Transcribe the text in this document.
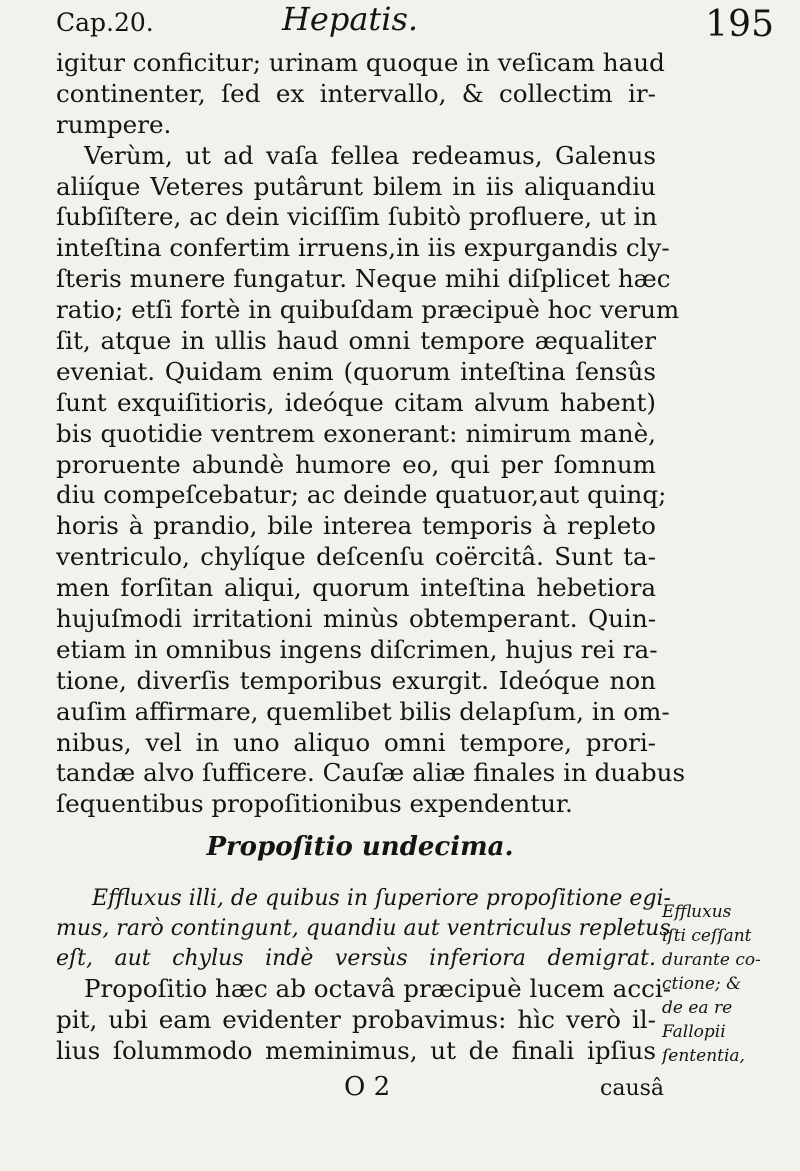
Cap.20.	Hepatis.	195
igitur conficitur; urinam quoque in veſicam haud
continenter, ſed ex intervallo, & collectim ir-
rumpere.
Verùm, ut ad vaſa fellea redeamus, Galenus
aliíque Veteres putârunt bilem in iis aliquandiu
ſubſiſtere, ac dein viciſſim ſubitò profluere, ut in
inteſtina confertim irruens,in iis expurgandis cly-
ſteris munere fungatur. Neque mihi diſplicet hæc
ratio; etſi fortè in quibuſdam præcipuè hoc verum
ſit, atque in ullis haud omni tempore æqualiter
eveniat. Quidam enim (quorum inteſtina ſensûs
ſunt exquiſitioris, ideóque citam alvum habent)
bis quotidie ventrem exonerant: nimirum manè,
proruente abundè humore eo, qui per ſomnum
diu compeſcebatur; ac deinde quatuor,aut quinq;
horis à prandio, bile interea temporis à repleto
ventriculo, chylíque deſcenſu coërcitâ. Sunt ta-
men forſitan aliqui, quorum inteſtina hebetiora
hujuſmodi irritationi minùs obtemperant. Quin-
etiam in omnibus ingens diſcrimen, hujus rei ra-
tione, diverſis temporibus exurgit. Ideóque non
auſim affirmare, quemlibet bilis delapſum, in om-
nibus, vel in uno aliquo omni tempore, prori-
tandæ alvo ſufficere. Cauſæ aliæ finales in duabus
ſequentibus propoſitionibus expendentur.
Propoſitio undecima.
Effluxus illi, de quibus in ſuperiore propoſitione egi-
mus, rarò contingunt, quandiu aut ventriculus repletus
eſt, aut chylus indè versùs inferiora demigrat.
Propoſitio hæc ab octavâ præcipuè lucem acci-
pit, ubi eam evidenter probavimus: hìc verò il-
lius ſolummodo meminimus, ut de finali ipſius
Effluxus
iſti ceſſant
durante co-
ctione; &
de ea re
Fallopii
ſententia,
O 2	causâ
